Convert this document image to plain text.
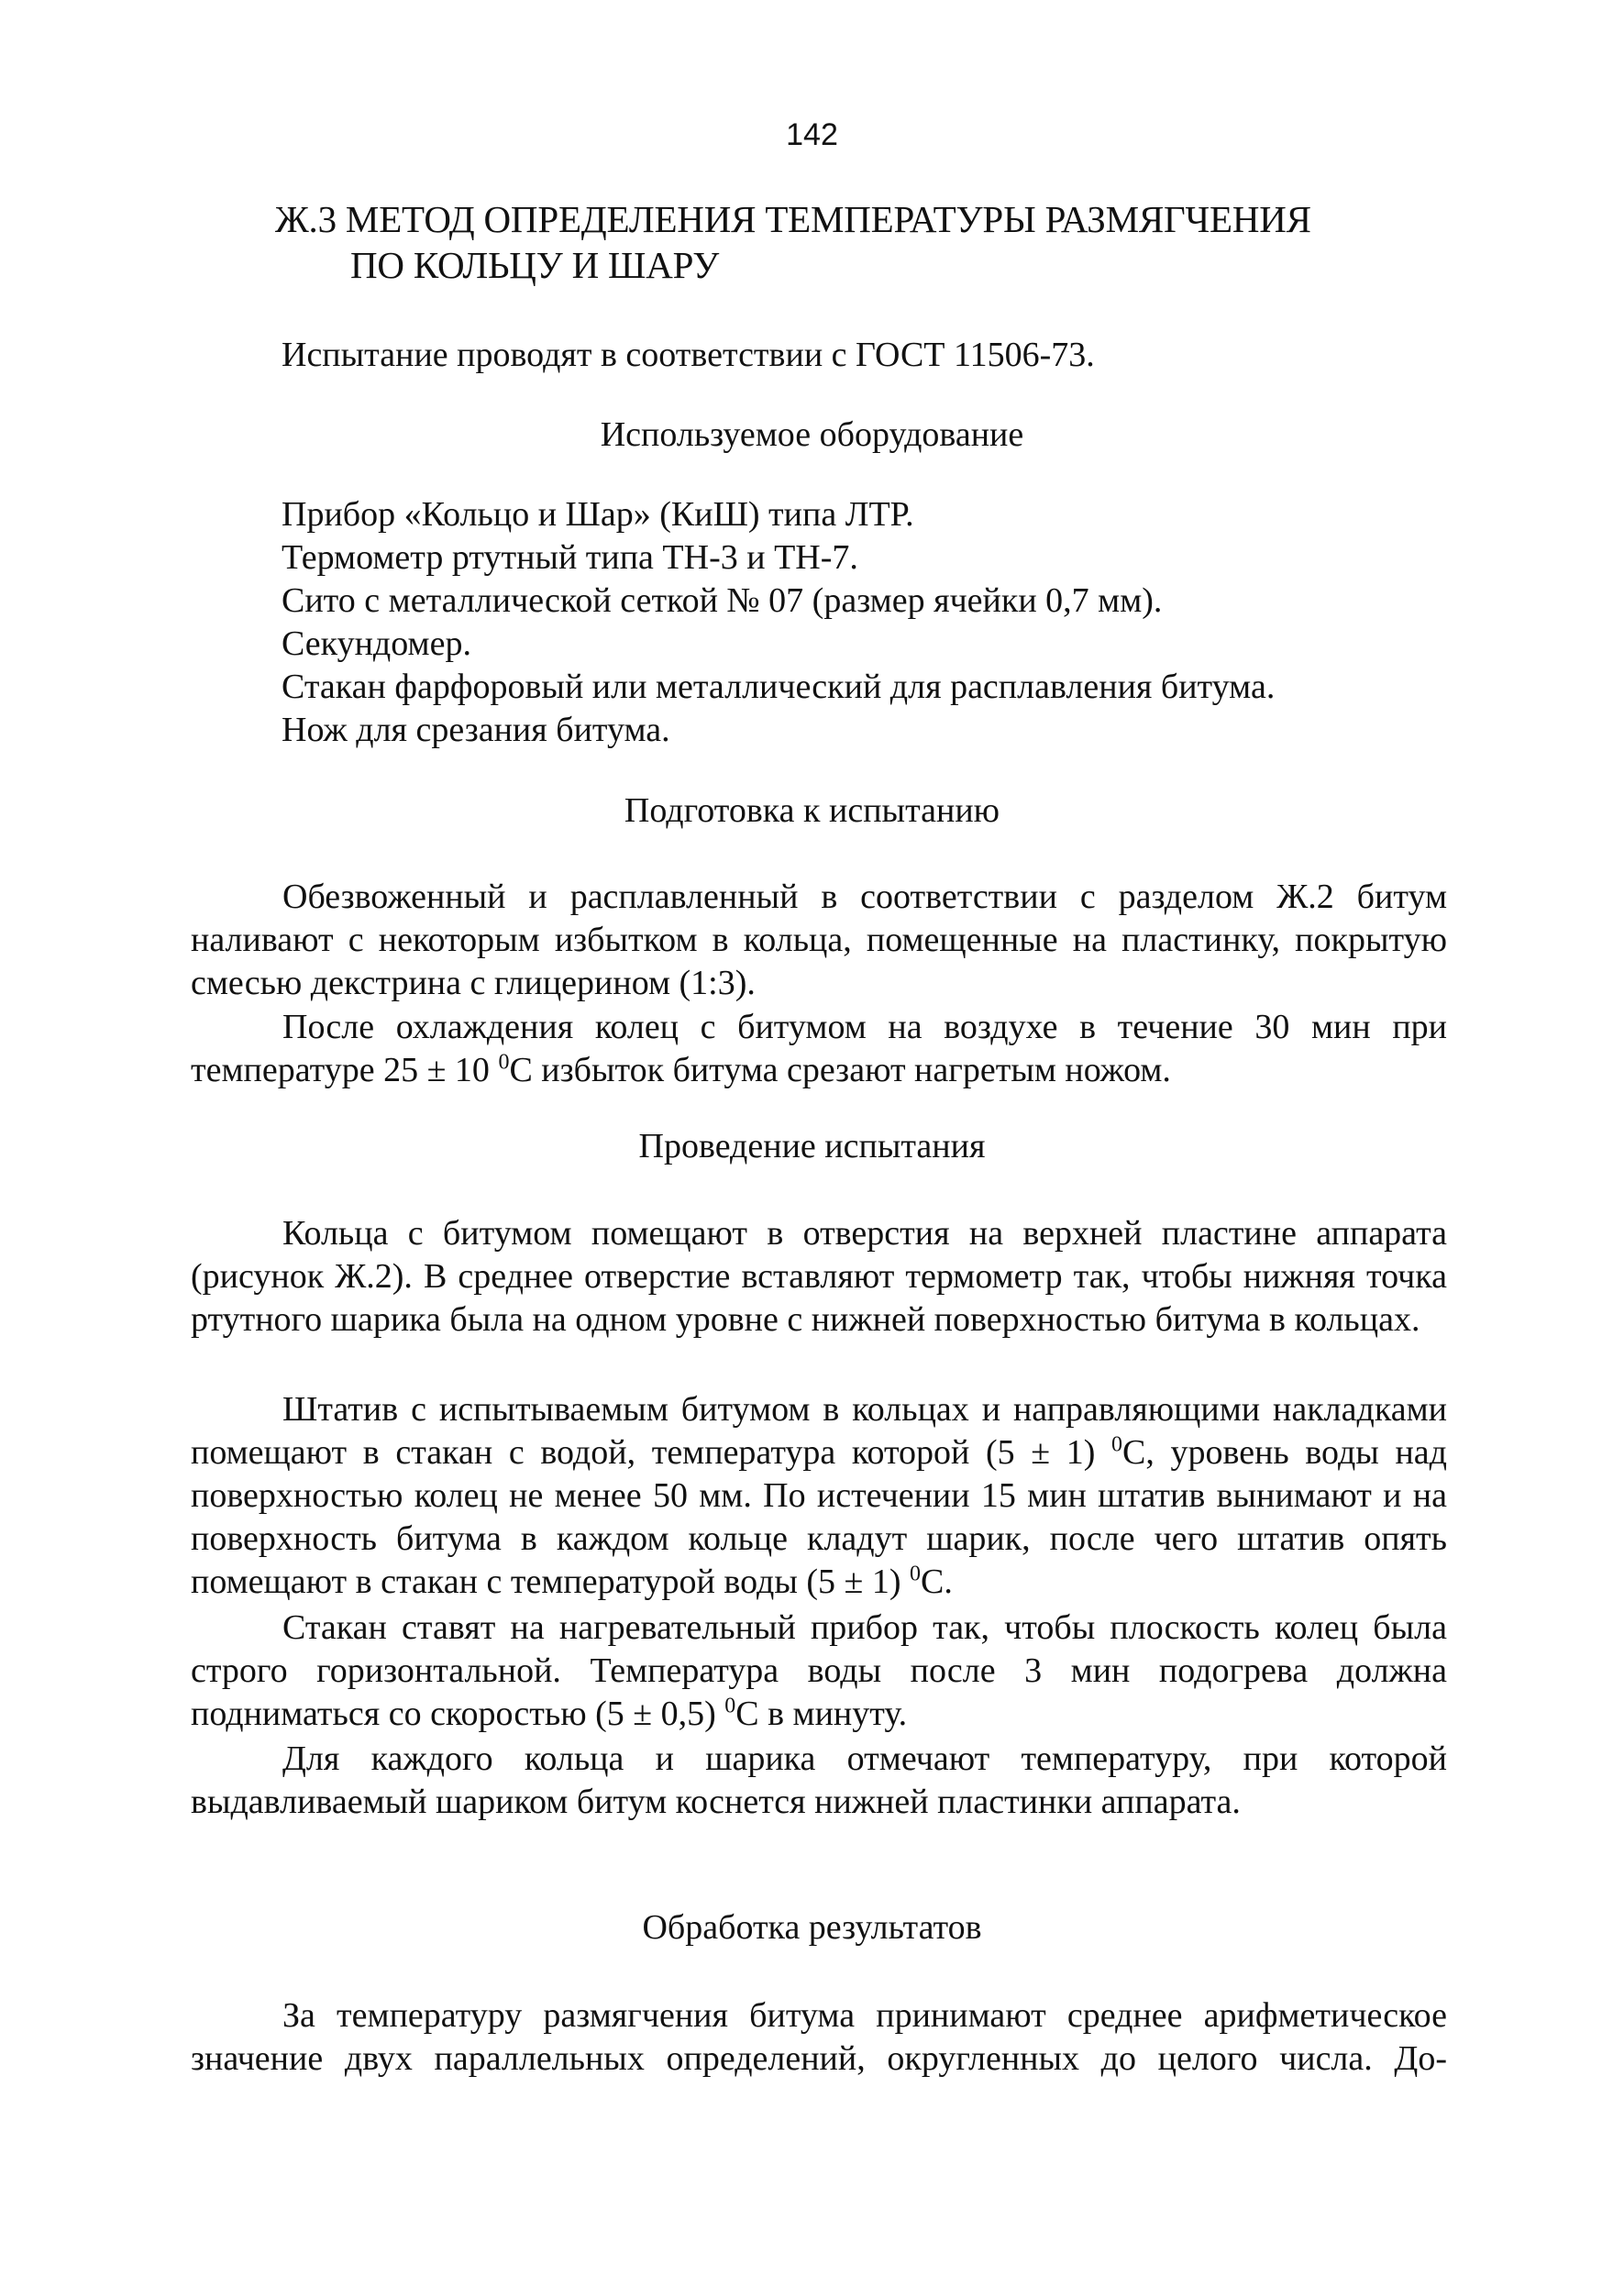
142
Ж.3 МЕТОД ОПРЕДЕЛЕНИЯ ТЕМПЕРАТУРЫ РАЗМЯГЧЕНИЯ
ПО КОЛЬЦУ И ШАРУ

Испытание проводят в соответствии с ГОСТ 11506-73.

Используемое оборудование
Прибор «Кольцо и Шар» (КиШ) типа ЛТР.
Термометр ртутный типа ТН-3 и ТН-7.
Сито с металлической сеткой № 07 (размер ячейки 0,7 мм).
Секундомер.
Стакан фарфоровый или металлический для расплавления битума.
Нож для срезания битума.
Подготовка к испытанию

Обезвоженный и расплавленный в соответствии с разделом Ж.2 битум наливают с некоторым избытком в кольца, помещенные на пластинку, покрытую смесью декстрина с глицерином (1:3).

После охлаждения колец с битумом на воздухе в течение 30 мин при температуре 25 ± 10 $^0$С избыток битума срезают нагретым ножом.

Проведение испытания

Кольца с битумом помещают в отверстия на верхней пластине аппарата (рисунок Ж.2). В среднее отверстие вставляют термометр так, чтобы нижняя точка ртутного шарика была на одном уровне с нижней поверхностью битума в кольцах.

Штатив с испытываемым битумом в кольцах и направляющими накладками помещают в стакан с водой, температура которой (5 ± 1) $^0$С, уровень воды над поверхностью колец не менее 50 мм. По истечении 15 мин штатив вынимают и на поверхность битума в каждом кольце кладут шарик, после чего штатив опять помещают в стакан с температурой воды (5 ± 1) $^0$С.

Стакан ставят на нагревательный прибор так, чтобы плоскость колец была строго горизонтальной. Температура воды после 3 мин подогрева должна подниматься со скоростью (5 ± 0,5) $^0$С в минуту.

Для каждого кольца и шарика отмечают температуру, при которой выдавливаемый шариком битум коснется нижней пластинки аппарата.

Обработка результатов
За температуру размягчения битума принимают среднее арифметическое
значение двух параллельных определений, округленных до целого числа. До-
